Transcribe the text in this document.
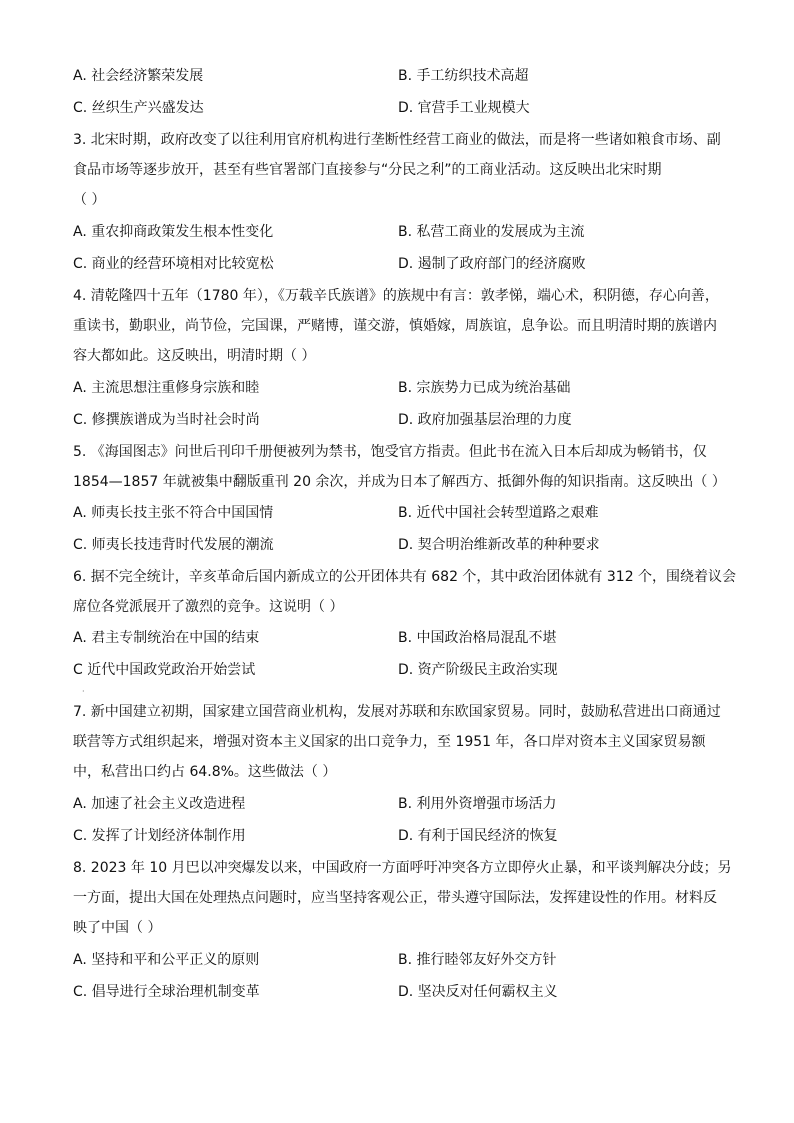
A. 社会经济繁荣发展	B. 手工纺织技术高超
C. 丝织生产兴盛发达	D. 官营手工业规模大
3. 北宋时期，政府改变了以往利用官府机构进行垄断性经营工商业的做法，而是将一些诸如粮食市场、副
食品市场等逐步放开，甚至有些官署部门直接参与“分民之利”的工商业活动。这反映出北宋时期
（ ）
A. 重农抑商政策发生根本性变化	B. 私营工商业的发展成为主流
C. 商业的经营环境相对比较宽松	D. 遏制了政府部门的经济腐败
4. 清乾隆四十五年（1780 年），《万载辛氏族谱》的族规中有言：敦孝悌，端心术，积阴德，存心向善，
重读书，勤职业，尚节俭，完国课，严赌博，谨交游，慎婚嫁，周族谊，息争讼。而且明清时期的族谱内
容大都如此。这反映出，明清时期（ ）
A. 主流思想注重修身宗族和睦	B. 宗族势力已成为统治基础
C. 修撰族谱成为当时社会时尚	D. 政府加强基层治理的力度
5. 《海国图志》问世后刊印千册便被列为禁书，饱受官方指责。但此书在流入日本后却成为畅销书，仅
1854—1857 年就被集中翻版重刊 20 余次，并成为日本了解西方、抵御外侮的知识指南。这反映出（ ）
A. 师夷长技主张不符合中国国情	B. 近代中国社会转型道路之艰难
C. 师夷长技违背时代发展的潮流	D. 契合明治维新改革的种种要求
6. 据不完全统计，辛亥革命后国内新成立的公开团体共有 682 个，其中政治团体就有 312 个，围绕着议会
席位各党派展开了激烈的竞争。这说明（ ）
A. 君主专制统治在中国的结束	B. 中国政治格局混乱不堪
C 近代中国政党政治开始尝试	D. 资产阶级民主政治实现
·
7. 新中国建立初期，国家建立国营商业机构，发展对苏联和东欧国家贸易。同时，鼓励私营进出口商通过
联营等方式组织起来，增强对资本主义国家的出口竞争力，至 1951 年，各口岸对资本主义国家贸易额
中，私营出口约占 64.8%。这些做法（ ）
A. 加速了社会主义改造进程	B. 利用外资增强市场活力
C. 发挥了计划经济体制作用	D. 有利于国民经济的恢复
8. 2023 年 10 月巴以冲突爆发以来，中国政府一方面呼吁冲突各方立即停火止暴，和平谈判解决分歧；另
一方面，提出大国在处理热点问题时，应当坚持客观公正，带头遵守国际法，发挥建设性的作用。材料反
映了中国（ ）
A. 坚持和平和公平正义的原则	B. 推行睦邻友好外交方针
C. 倡导进行全球治理机制变革	D. 坚决反对任何霸权主义
